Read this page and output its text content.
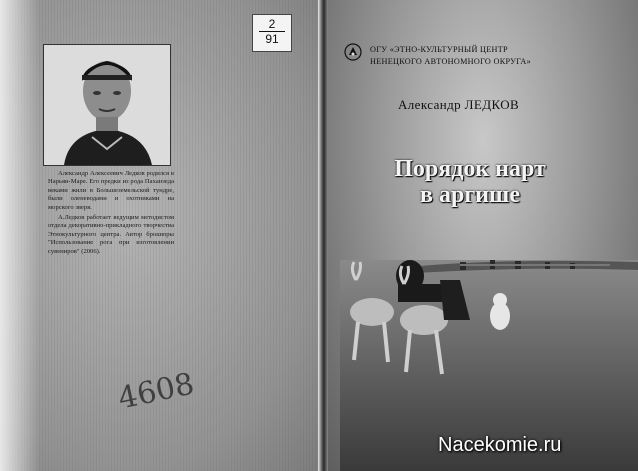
Александр Алексеевич Ледков родился в Нарьян-Маре. Его предки из рода Паханзеда веками жили в Большеземельской тундре, были оленеводами и охотниками на морского зверя.

А.Ледков работает ведущим методистом отдела декоративно-прикладного творчества Этнокультурного центра. Автор брошюры "Использование рога при изготовлении сувениров" (2006).

2
91
4608
ОГУ «ЭТНО-КУЛЬТУРНЫЙ ЦЕНТР
НЕНЕЦКОГО АВТОНОМНОГО ОКРУГА»
Александр ЛЕДКОВ
Порядок нарт
в аргише
Nacekomie.ru
